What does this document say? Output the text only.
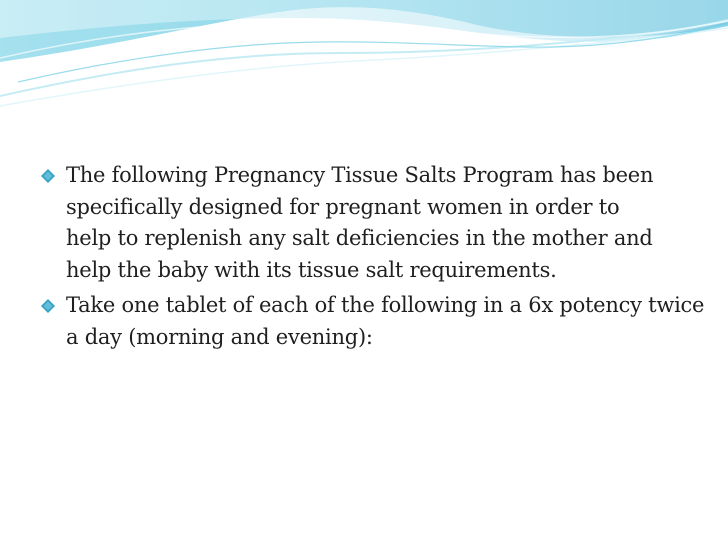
The following Pregnancy Tissue Salts Program has been specifically designed for pregnant women in order to help to replenish any salt deficiencies in the mother and help the baby with its tissue salt requirements.
Take one tablet of each of the following in a 6x potency twice a day (morning and evening):
